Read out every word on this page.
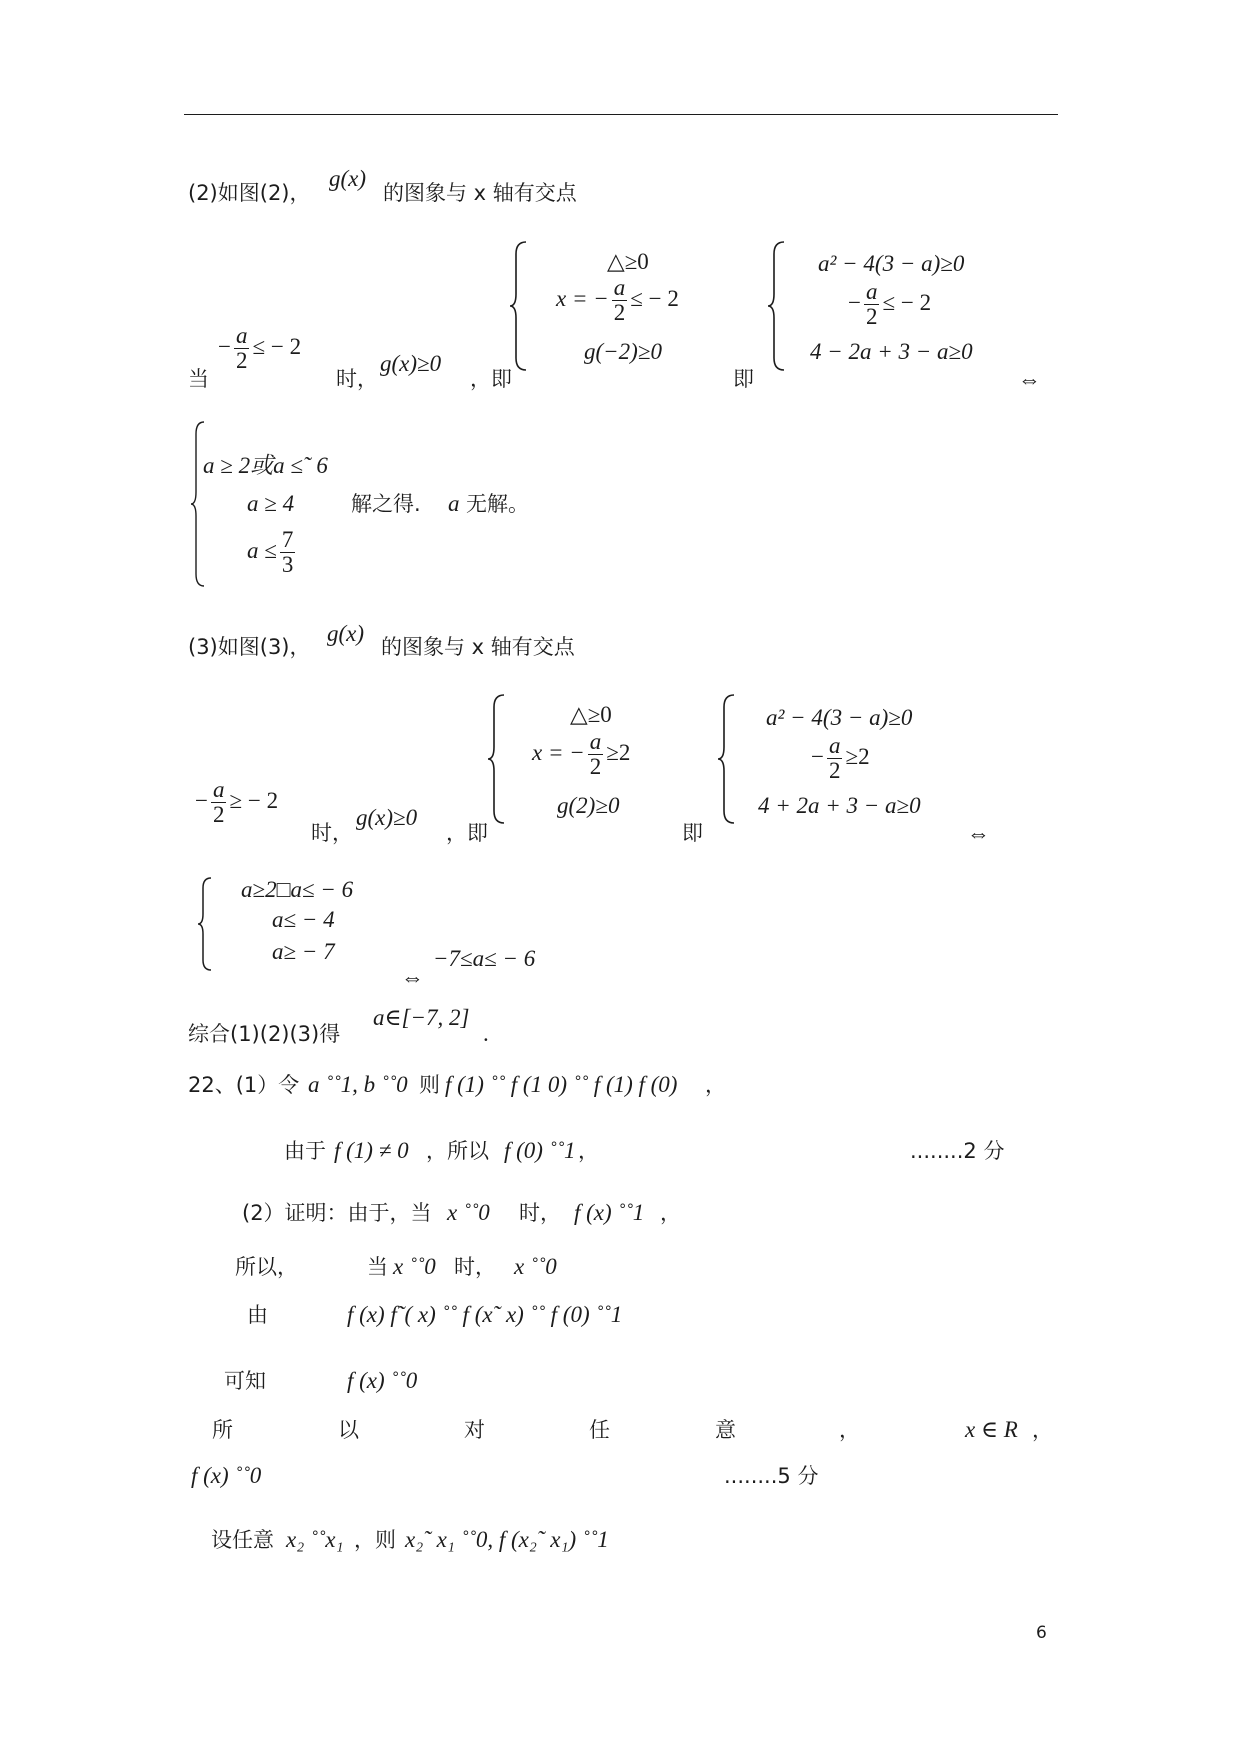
(2)如图(2)，
g(x)
的图象与 x 轴有交点
当
− $\frac{a}{2}$ ≤ − 2
时，
g(x)≥0
，即
△≥0
x = − $\frac{a}{2}$ ≤ − 2
g(−2)≥0
即
a² − 4(3 − a)≥0
− $\frac{a}{2}$ ≤ − 2
4 − 2a + 3 − a≥0
⇔
a ≥ 2或a ≤˜ 6
a ≥ 4
$a \le \frac{7}{3}$
解之得. a 无解。
(3)如图(3)，
g(x)
的图象与 x 轴有交点
− $\frac{a}{2}$ ≥ − 2
时，
g(x)≥0
，即
△≥0
x = − $\frac{a}{2} \ge 2$
g(2)≥0
即
a² − 4(3 − a)≥0
− $\frac{a}{2} \ge 2$
4 + 2a + 3 − a≥0
⇔
a≥2□a≤ − 6
a≤ − 4
a≥ − 7
⇔
−7≤a≤ − 6
综合(1)(2)(3)得
a∈[−7, 2]
.
22、(1）令 a ˚˚1, b ˚˚0 则 f (1) ˚˚ f (1 0) ˚˚ f (1) f (0) ，
由于 f (1) ≠ 0 ，所以 f (0) ˚˚1 ，	........2 分
(2）证明：由于，当 x ˚˚0 时， f (x) ˚˚1 ，
所以，	当 x ˚˚0 时， x ˚˚0
由	f (x) f˜( x) ˚˚ f (x˜ x) ˚˚ f (0) ˚˚1
可知	f (x) ˚˚0
所	以	对	任	意	，	x ∈ R ，
f (x) ˚˚0	........5 分
设任意 x₂ ˚˚x₁ ，则 x₂˜ x₁ ˚˚0, f (x₂˜ x₁) ˚˚1
6
